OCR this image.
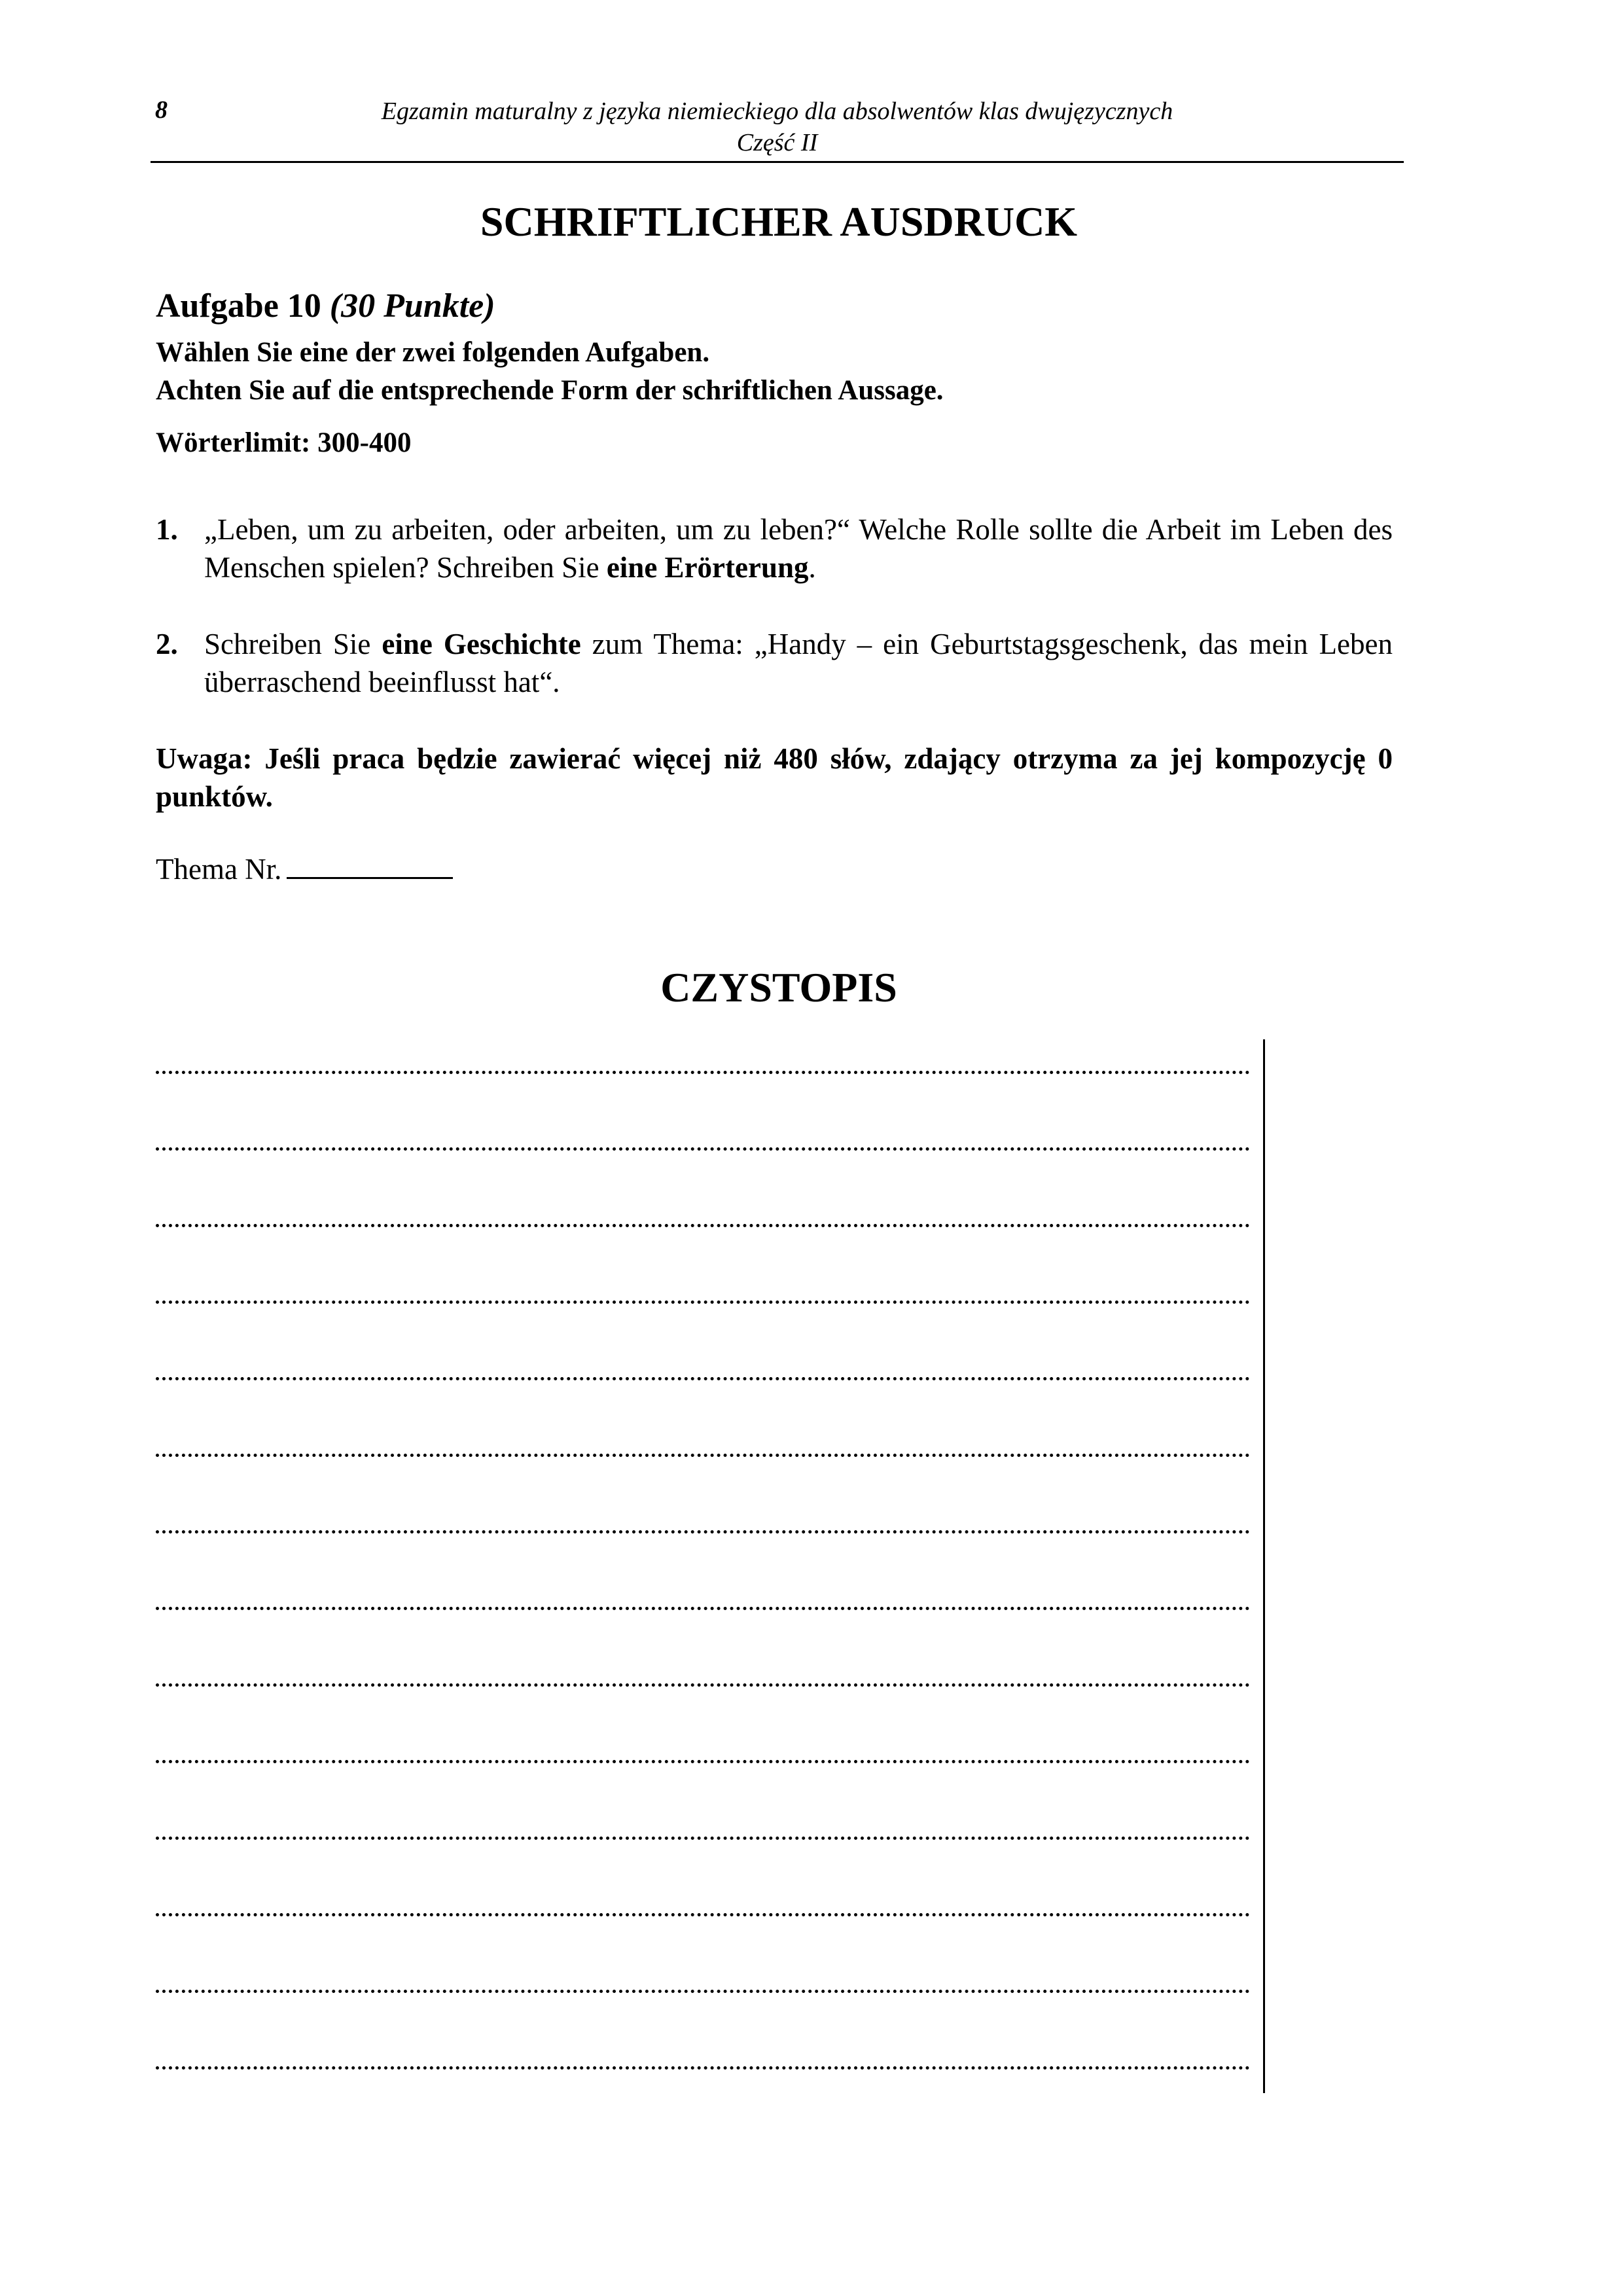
8	Egzamin maturalny z języka niemieckiego dla absolwentów klas dwujęzycznych
Część II
SCHRIFTLICHER AUSDRUCK
Aufgabe 10 (30 Punkte)
Wählen Sie eine der zwei folgenden Aufgaben.
Achten Sie auf die entsprechende Form der schriftlichen Aussage.
Wörterlimit: 300-400
1. „Leben, um zu arbeiten, oder arbeiten, um zu leben?“ Welche Rolle sollte die Arbeit im Leben des Menschen spielen? Schreiben Sie eine Erörterung.
2. Schreiben Sie eine Geschichte zum Thema: „Handy – ein Geburtstagsgeschenk, das mein Leben überraschend beeinflusst hat“.
Uwaga: Jeśli praca będzie zawierać więcej niż 480 słów, zdający otrzyma za jej kompozycję 0 punktów.
Thema Nr.
CZYSTOPIS
